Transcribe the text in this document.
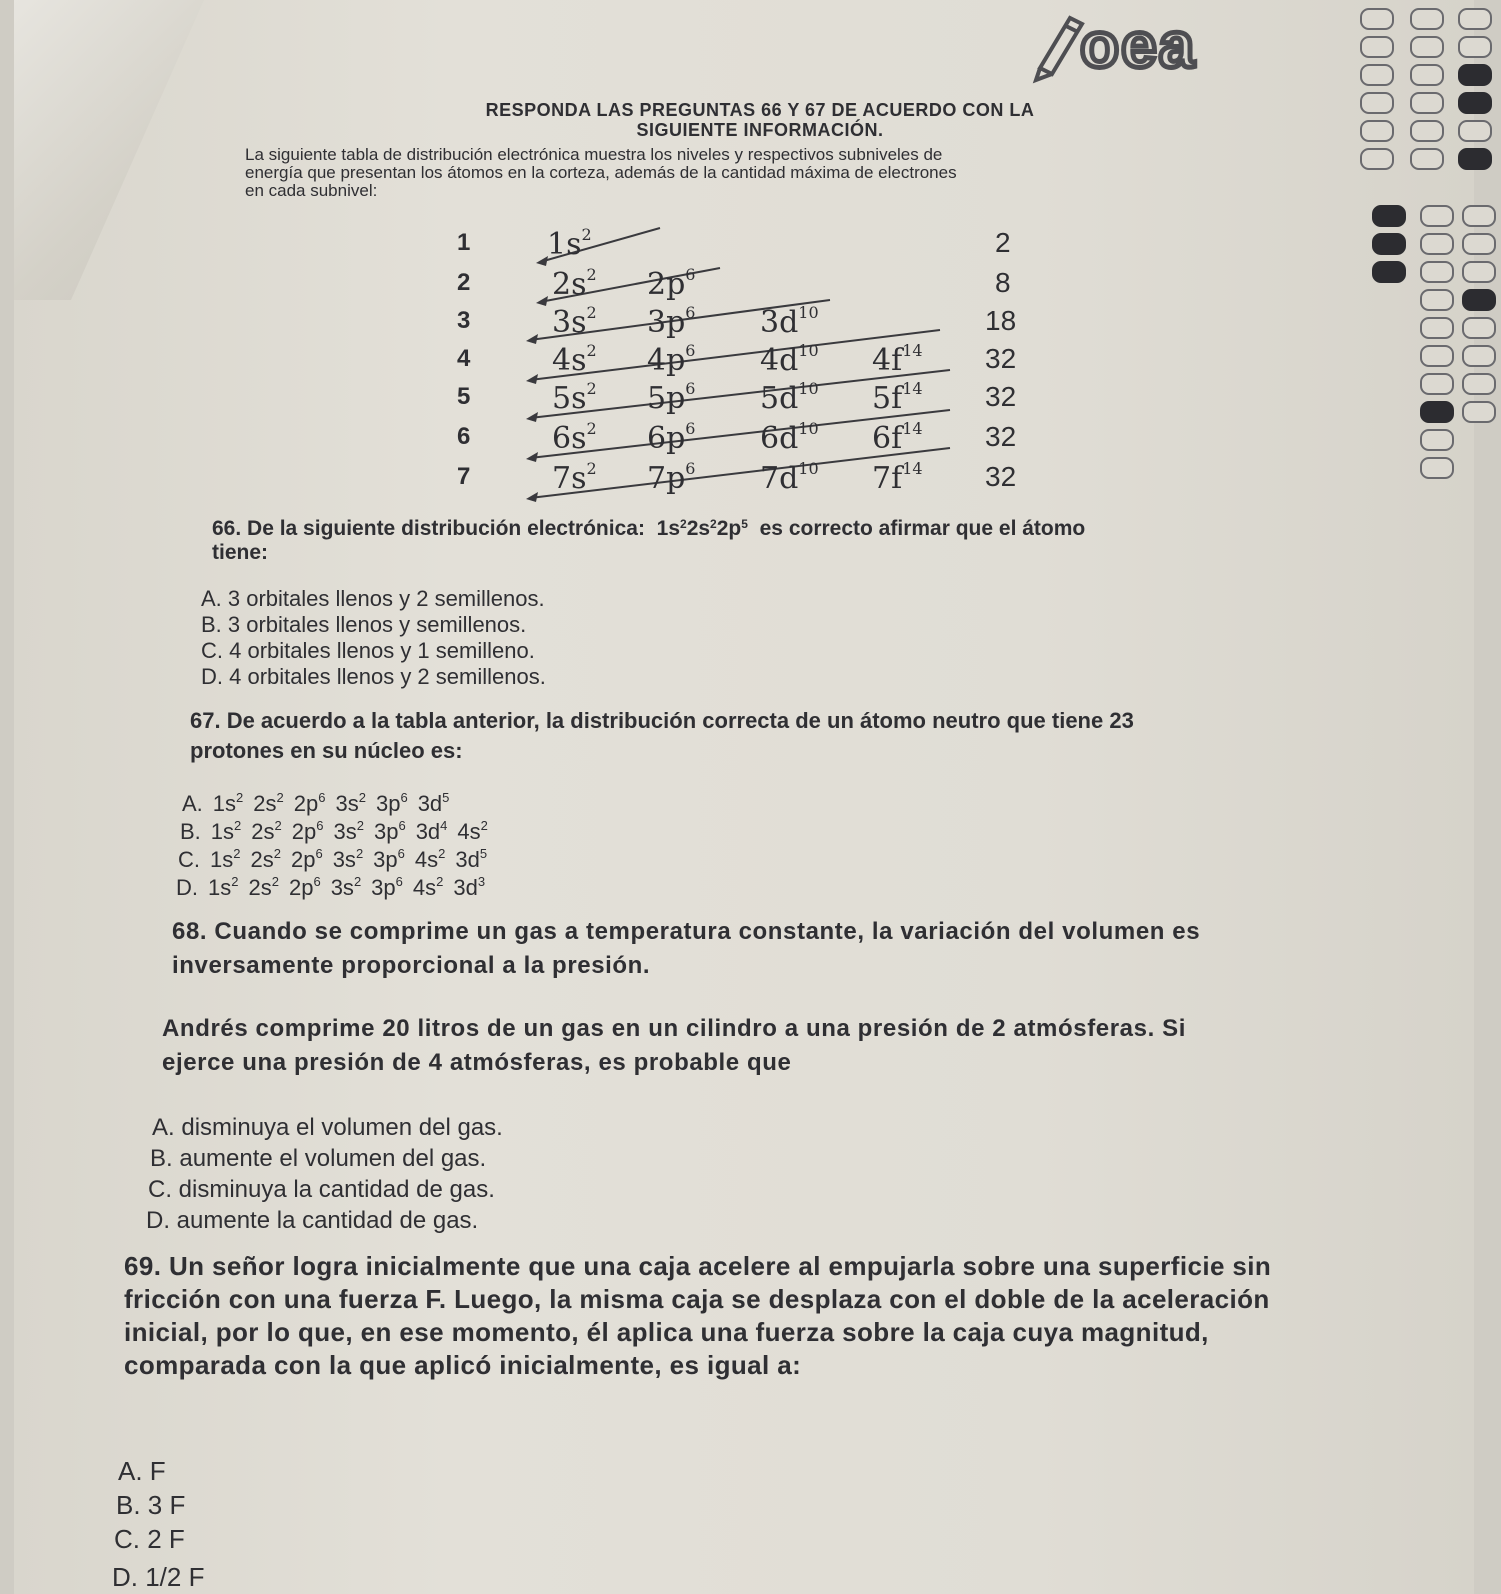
oea
RESPONDA LAS PREGUNTAS 66 Y 67 DE ACUERDO CON LA
SIGUIENTE INFORMACIÓN.
La siguiente tabla de distribución electrónica muestra los niveles y respectivos subniveles de
energía que presentan los átomos en la corteza, además de la cantidad máxima de electrones
en cada subnivel:
1	$1s^2$	2
2	$2s^2$ $2p^6$	8
3	$3s^2$ $3p^6$ $3d^{10}$	18
4	$4s^2$ $4p^6$ $4d^{10}$ $4f^{14}$ 32
5	$5s^2$ $5p^6$ $5d^{10}$ $5f^{14}$ 32
6	$6s^2$ $6p^6$ $6d^{10}$ $6f^{14}$ 32
7	$7s^2$ $7p^6$ $7d^{10}$ $7f^{14}$ 32
66. De la siguiente distribución electrónica: $1s^22s^22p^5$ es correcto afirmar que el átomo
tiene:
A. 3 orbitales llenos y 2 semillenos.
B. 3 orbitales llenos y semillenos.
C. 4 orbitales llenos y 1 semilleno.
D. 4 orbitales llenos y 2 semillenos.
67. De acuerdo a la tabla anterior, la distribución correcta de un átomo neutro que tiene 23
protones en su núcleo es:
A. $1s^2$ $2s^2$ $2p^6$ $3s^2$ $3p^6$ $3d^5$
B. $1s^2$ $2s^2$ $2p^6$ $3s^2$ $3p^6$ $3d^4$ $4s^2$
C. $1s^2$ $2s^2$ $2p^6$ $3s^2$ $3p^6$ $4s^2$ $3d^5$
D. $1s^2$ $2s^2$ $2p^6$ $3s^2$ $3p^6$ $4s^2$ $3d^3$
68. Cuando se comprime un gas a temperatura constante, la variación del volumen es
inversamente proporcional a la presión.
Andrés comprime 20 litros de un gas en un cilindro a una presión de 2 atmósferas. Si
ejerce una presión de 4 atmósferas, es probable que
A. disminuya el volumen del gas.
B. aumente el volumen del gas.
C. disminuya la cantidad de gas.
D. aumente la cantidad de gas.
69. Un señor logra inicialmente que una caja acelere al empujarla sobre una superficie sin
fricción con una fuerza F. Luego, la misma caja se desplaza con el doble de la aceleración
inicial, por lo que, en ese momento, él aplica una fuerza sobre la caja cuya magnitud,
comparada con la que aplicó inicialmente, es igual a:
A. F
B. 3 F
C. 2 F
D. 1/2 F
